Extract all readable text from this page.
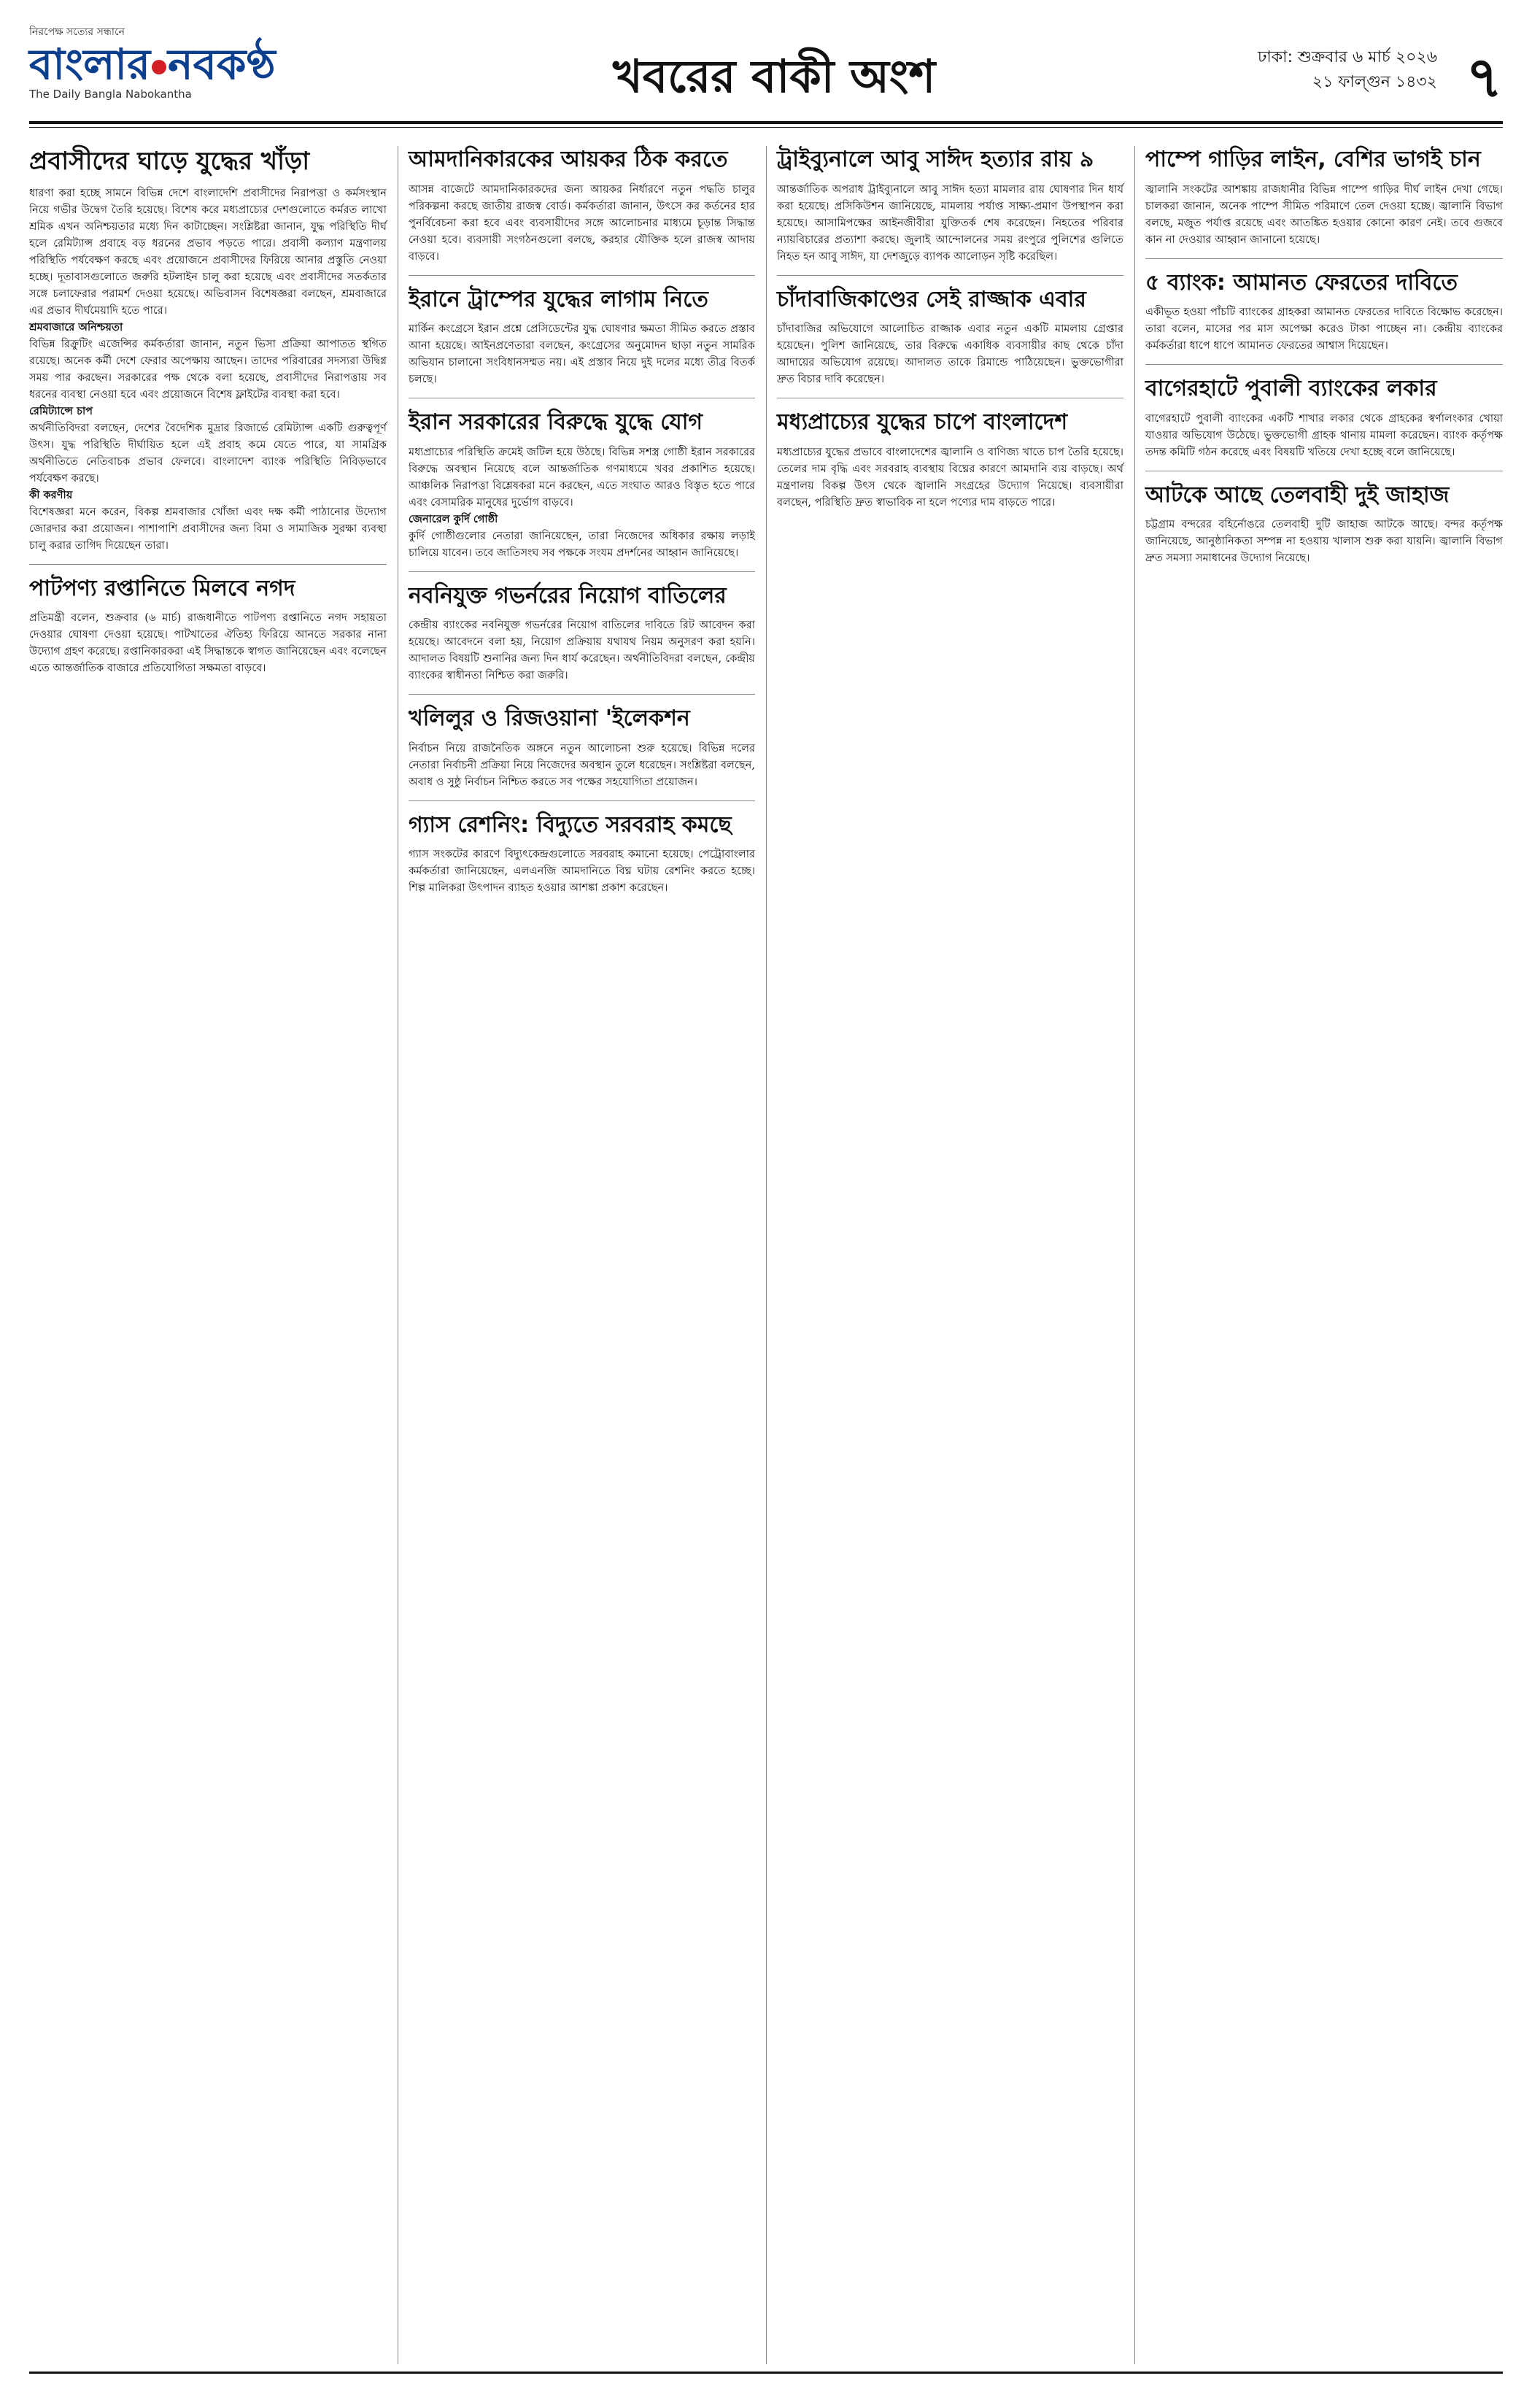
নিরপেক্ষ সত্যের সন্ধানে
বাংলার নবকণ্ঠ
The Daily Bangla Nabokantha	খবরের বাকী অংশ	ঢাকা: শুক্রবার ৬ মার্চ ২০২৬
২১ ফাল্গুন ১৪৩২ ৭
প্রবাসীদের ঘাড়ে যুদ্ধের খাঁড়া

ধারণা করা হচ্ছে সামনে বিভিন্ন দেশে বাংলাদেশি প্রবাসীদের নিরাপত্তা ও কর্মসংস্থান নিয়ে গভীর উদ্বেগ তৈরি হয়েছে। বিশেষ করে মধ্যপ্রাচ্যের দেশগুলোতে কর্মরত লাখো শ্রমিক এখন অনিশ্চয়তার মধ্যে দিন কাটাচ্ছেন। সংশ্লিষ্টরা জানান, যুদ্ধ পরিস্থিতি দীর্ঘ হলে রেমিট্যান্স প্রবাহে বড় ধরনের প্রভাব পড়তে পারে। প্রবাসী কল্যাণ মন্ত্রণালয় পরিস্থিতি পর্যবেক্ষণ করছে এবং প্রয়োজনে প্রবাসীদের ফিরিয়ে আনার প্রস্তুতি নেওয়া হচ্ছে। দূতাবাসগুলোতে জরুরি হটলাইন চালু করা হয়েছে এবং প্রবাসীদের সতর্কতার সঙ্গে চলাফেরার পরামর্শ দেওয়া হয়েছে। অভিবাসন বিশেষজ্ঞরা বলছেন, শ্রমবাজারে এর প্রভাব দীর্ঘমেয়াদি হতে পারে।

শ্রমবাজারে অনিশ্চয়তা

বিভিন্ন রিক্রুটিং এজেন্সির কর্মকর্তারা জানান, নতুন ভিসা প্রক্রিয়া আপাতত স্থগিত রয়েছে। অনেক কর্মী দেশে ফেরার অপেক্ষায় আছেন। তাদের পরিবারের সদস্যরা উদ্বিগ্ন সময় পার করছেন। সরকারের পক্ষ থেকে বলা হয়েছে, প্রবাসীদের নিরাপত্তায় সব ধরনের ব্যবস্থা নেওয়া হবে এবং প্রয়োজনে বিশেষ ফ্লাইটের ব্যবস্থা করা হবে।

রেমিট্যান্সে চাপ

অর্থনীতিবিদরা বলছেন, দেশের বৈদেশিক মুদ্রার রিজার্ভে রেমিট্যান্স একটি গুরুত্বপূর্ণ উৎস। যুদ্ধ পরিস্থিতি দীর্ঘায়িত হলে এই প্রবাহ কমে যেতে পারে, যা সামগ্রিক অর্থনীতিতে নেতিবাচক প্রভাব ফেলবে। বাংলাদেশ ব্যাংক পরিস্থিতি নিবিড়ভাবে পর্যবেক্ষণ করছে।

কী করণীয়

বিশেষজ্ঞরা মনে করেন, বিকল্প শ্রমবাজার খোঁজা এবং দক্ষ কর্মী পাঠানোর উদ্যোগ জোরদার করা প্রয়োজন। পাশাপাশি প্রবাসীদের জন্য বিমা ও সামাজিক সুরক্ষা ব্যবস্থা চালু করার তাগিদ দিয়েছেন তারা।

পাটপণ্য রপ্তানিতে মিলবে নগদ

প্রতিমন্ত্রী বলেন, শুক্রবার (৬ মার্চ) রাজধানীতে পাটপণ্য রপ্তানিতে নগদ সহায়তা দেওয়ার ঘোষণা দেওয়া হয়েছে। পাটখাতের ঐতিহ্য ফিরিয়ে আনতে সরকার নানা উদ্যোগ গ্রহণ করেছে। রপ্তানিকারকরা এই সিদ্ধান্তকে স্বাগত জানিয়েছেন এবং বলেছেন এতে আন্তর্জাতিক বাজারে প্রতিযোগিতা সক্ষমতা বাড়বে।

আমদানিকারকের আয়কর ঠিক করতে

আসন্ন বাজেটে আমদানিকারকদের জন্য আয়কর নির্ধারণে নতুন পদ্ধতি চালুর পরিকল্পনা করছে জাতীয় রাজস্ব বোর্ড। কর্মকর্তারা জানান, উৎসে কর কর্তনের হার পুনর্বিবেচনা করা হবে এবং ব্যবসায়ীদের সঙ্গে আলোচনার মাধ্যমে চূড়ান্ত সিদ্ধান্ত নেওয়া হবে। ব্যবসায়ী সংগঠনগুলো বলছে, করহার যৌক্তিক হলে রাজস্ব আদায় বাড়বে।

ইরানে ট্রাম্পের যুদ্ধের লাগাম নিতে

মার্কিন কংগ্রেসে ইরান প্রশ্নে প্রেসিডেন্টের যুদ্ধ ঘোষণার ক্ষমতা সীমিত করতে প্রস্তাব আনা হয়েছে। আইনপ্রণেতারা বলছেন, কংগ্রেসের অনুমোদন ছাড়া নতুন সামরিক অভিযান চালানো সংবিধানসম্মত নয়। এই প্রস্তাব নিয়ে দুই দলের মধ্যে তীব্র বিতর্ক চলছে।

ইরান সরকারের বিরুদ্ধে যুদ্ধে যোগ

মধ্যপ্রাচ্যের পরিস্থিতি ক্রমেই জটিল হয়ে উঠছে। বিভিন্ন সশস্ত্র গোষ্ঠী ইরান সরকারের বিরুদ্ধে অবস্থান নিয়েছে বলে আন্তর্জাতিক গণমাধ্যমে খবর প্রকাশিত হয়েছে। আঞ্চলিক নিরাপত্তা বিশ্লেষকরা মনে করছেন, এতে সংঘাত আরও বিস্তৃত হতে পারে এবং বেসামরিক মানুষের দুর্ভোগ বাড়বে।

জেনারেল কুর্দি গোষ্ঠী

কুর্দি গোষ্ঠীগুলোর নেতারা জানিয়েছেন, তারা নিজেদের অধিকার রক্ষায় লড়াই চালিয়ে যাবেন। তবে জাতিসংঘ সব পক্ষকে সংযম প্রদর্শনের আহ্বান জানিয়েছে।

নবনিযুক্ত গভর্নরের নিয়োগ বাতিলের

কেন্দ্রীয় ব্যাংকের নবনিযুক্ত গভর্নরের নিয়োগ বাতিলের দাবিতে রিট আবেদন করা হয়েছে। আবেদনে বলা হয়, নিয়োগ প্রক্রিয়ায় যথাযথ নিয়ম অনুসরণ করা হয়নি। আদালত বিষয়টি শুনানির জন্য দিন ধার্য করেছেন। অর্থনীতিবিদরা বলছেন, কেন্দ্রীয় ব্যাংকের স্বাধীনতা নিশ্চিত করা জরুরি।

খলিলুর ও রিজওয়ানা 'ইলেকশন

নির্বাচন নিয়ে রাজনৈতিক অঙ্গনে নতুন আলোচনা শুরু হয়েছে। বিভিন্ন দলের নেতারা নির্বাচনী প্রক্রিয়া নিয়ে নিজেদের অবস্থান তুলে ধরেছেন। সংশ্লিষ্টরা বলছেন, অবাধ ও সুষ্ঠু নির্বাচন নিশ্চিত করতে সব পক্ষের সহযোগিতা প্রয়োজন।

গ্যাস রেশনিং: বিদ্যুতে সরবরাহ কমছে

গ্যাস সংকটের কারণে বিদ্যুৎকেন্দ্রগুলোতে সরবরাহ কমানো হয়েছে। পেট্রোবাংলার কর্মকর্তারা জানিয়েছেন, এলএনজি আমদানিতে বিঘ্ন ঘটায় রেশনিং করতে হচ্ছে। শিল্প মালিকরা উৎপাদন ব্যাহত হওয়ার আশঙ্কা প্রকাশ করেছেন।

ট্রাইব্যুনালে আবু সাঈদ হত্যার রায় ৯

আন্তর্জাতিক অপরাধ ট্রাইব্যুনালে আবু সাঈদ হত্যা মামলার রায় ঘোষণার দিন ধার্য করা হয়েছে। প্রসিকিউশন জানিয়েছে, মামলায় পর্যাপ্ত সাক্ষ্য-প্রমাণ উপস্থাপন করা হয়েছে। আসামিপক্ষের আইনজীবীরা যুক্তিতর্ক শেষ করেছেন। নিহতের পরিবার ন্যায়বিচারের প্রত্যাশা করছে। জুলাই আন্দোলনের সময় রংপুরে পুলিশের গুলিতে নিহত হন আবু সাঈদ, যা দেশজুড়ে ব্যাপক আলোড়ন সৃষ্টি করেছিল।

চাঁদাবাজিকাণ্ডের সেই রাজ্জাক এবার

চাঁদাবাজির অভিযোগে আলোচিত রাজ্জাক এবার নতুন একটি মামলায় গ্রেপ্তার হয়েছেন। পুলিশ জানিয়েছে, তার বিরুদ্ধে একাধিক ব্যবসায়ীর কাছ থেকে চাঁদা আদায়ের অভিযোগ রয়েছে। আদালত তাকে রিমান্ডে পাঠিয়েছেন। ভুক্তভোগীরা দ্রুত বিচার দাবি করেছেন।

মধ্যপ্রাচ্যের যুদ্ধের চাপে বাংলাদেশ

মধ্যপ্রাচ্যের যুদ্ধের প্রভাবে বাংলাদেশের জ্বালানি ও বাণিজ্য খাতে চাপ তৈরি হয়েছে। তেলের দাম বৃদ্ধি এবং সরবরাহ ব্যবস্থায় বিঘ্নের কারণে আমদানি ব্যয় বাড়ছে। অর্থ মন্ত্রণালয় বিকল্প উৎস থেকে জ্বালানি সংগ্রহের উদ্যোগ নিয়েছে। ব্যবসায়ীরা বলছেন, পরিস্থিতি দ্রুত স্বাভাবিক না হলে পণ্যের দাম বাড়তে পারে।

পাম্পে গাড়ির লাইন, বেশির ভাগই চান

জ্বালানি সংকটের আশঙ্কায় রাজধানীর বিভিন্ন পাম্পে গাড়ির দীর্ঘ লাইন দেখা গেছে। চালকরা জানান, অনেক পাম্পে সীমিত পরিমাণে তেল দেওয়া হচ্ছে। জ্বালানি বিভাগ বলছে, মজুত পর্যাপ্ত রয়েছে এবং আতঙ্কিত হওয়ার কোনো কারণ নেই। তবে গুজবে কান না দেওয়ার আহ্বান জানানো হয়েছে।

৫ ব্যাংক: আমানত ফেরতের দাবিতে

একীভূত হওয়া পাঁচটি ব্যাংকের গ্রাহকরা আমানত ফেরতের দাবিতে বিক্ষোভ করেছেন। তারা বলেন, মাসের পর মাস অপেক্ষা করেও টাকা পাচ্ছেন না। কেন্দ্রীয় ব্যাংকের কর্মকর্তারা ধাপে ধাপে আমানত ফেরতের আশ্বাস দিয়েছেন।

বাগেরহাটে পুবালী ব্যাংকের লকার

বাগেরহাটে পুবালী ব্যাংকের একটি শাখার লকার থেকে গ্রাহকের স্বর্ণালংকার খোয়া যাওয়ার অভিযোগ উঠেছে। ভুক্তভোগী গ্রাহক থানায় মামলা করেছেন। ব্যাংক কর্তৃপক্ষ তদন্ত কমিটি গঠন করেছে এবং বিষয়টি খতিয়ে দেখা হচ্ছে বলে জানিয়েছে।

আটকে আছে তেলবাহী দুই জাহাজ

চট্টগ্রাম বন্দরের বহির্নোঙরে তেলবাহী দুটি জাহাজ আটকে আছে। বন্দর কর্তৃপক্ষ জানিয়েছে, আনুষ্ঠানিকতা সম্পন্ন না হওয়ায় খালাস শুরু করা যায়নি। জ্বালানি বিভাগ দ্রুত সমস্যা সমাধানের উদ্যোগ নিয়েছে।
